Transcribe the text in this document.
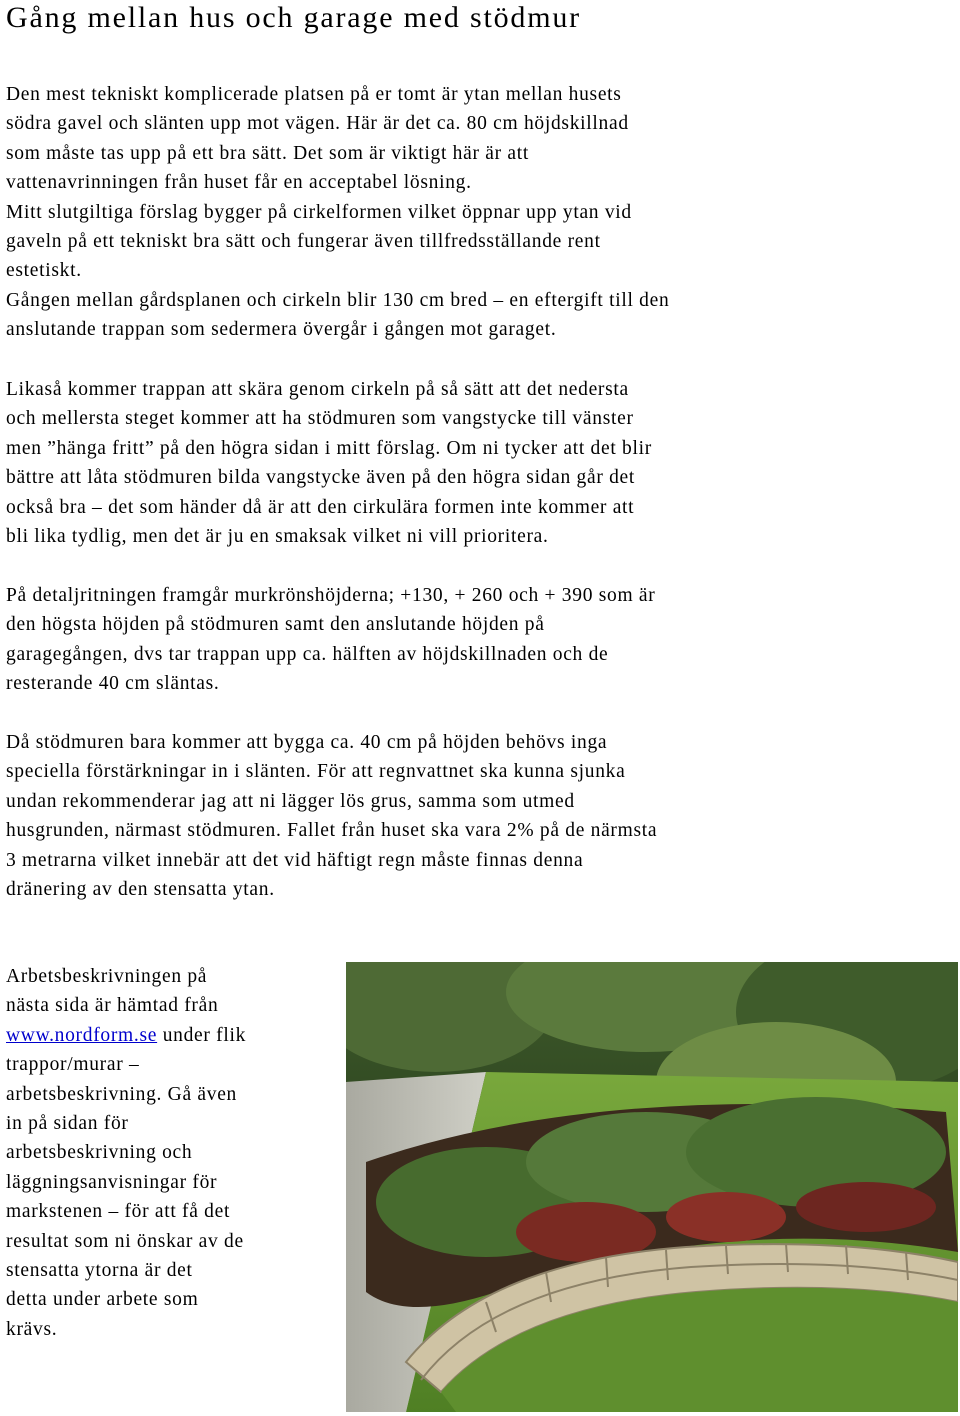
Gång mellan hus och garage med stödmur
Den mest tekniskt komplicerade platsen på er tomt är ytan mellan husets
södra gavel och slänten upp mot vägen. Här är det ca. 80 cm höjdskillnad
som måste tas upp på ett bra sätt. Det som är viktigt här är att
vattenavrinningen från huset får en acceptabel lösning.
Mitt slutgiltiga förslag bygger på cirkelformen vilket öppnar upp ytan vid
gaveln på ett tekniskt bra sätt och fungerar även tillfredsställande rent
estetiskt.
Gången mellan gårdsplanen och cirkeln blir 130 cm bred – en eftergift till den
anslutande trappan som sedermera övergår i gången mot garaget.
Likaså kommer trappan att skära genom cirkeln på så sätt att det nedersta
och mellersta steget kommer att ha stödmuren som vangstycke till vänster
men ”hänga fritt” på den högra sidan i mitt förslag. Om ni tycker att det blir
bättre att låta stödmuren bilda vangstycke även på den högra sidan går det
också bra – det som händer då är att den cirkulära formen inte kommer att
bli lika tydlig, men det är ju en smaksak vilket ni vill prioritera.
På detaljritningen framgår murkrönshöjderna; +130, + 260 och + 390 som är
den högsta höjden på stödmuren samt den anslutande höjden på
garagegången, dvs tar trappan upp ca. hälften av höjdskillnaden och de
resterande 40 cm släntas.
Då stödmuren bara kommer att bygga ca. 40 cm på höjden behövs inga
speciella förstärkningar in i slänten. För att regnvattnet ska kunna sjunka
undan rekommenderar jag att ni lägger lös grus, samma som utmed
husgrunden, närmast stödmuren. Fallet från huset ska vara 2% på de närmsta
3 metrarna vilket innebär att det vid häftigt regn måste finnas denna
dränering av den stensatta ytan.
Arbetsbeskrivningen på
nästa sida är hämtad från
www.nordform.se under flik
trappor/murar –
arbetsbeskrivning. Gå även
in på sidan för
arbetsbeskrivning och
läggningsanvisningar för
markstenen – för att få det
resultat som ni önskar av de
stensatta ytorna är det
detta under arbete som
krävs.
